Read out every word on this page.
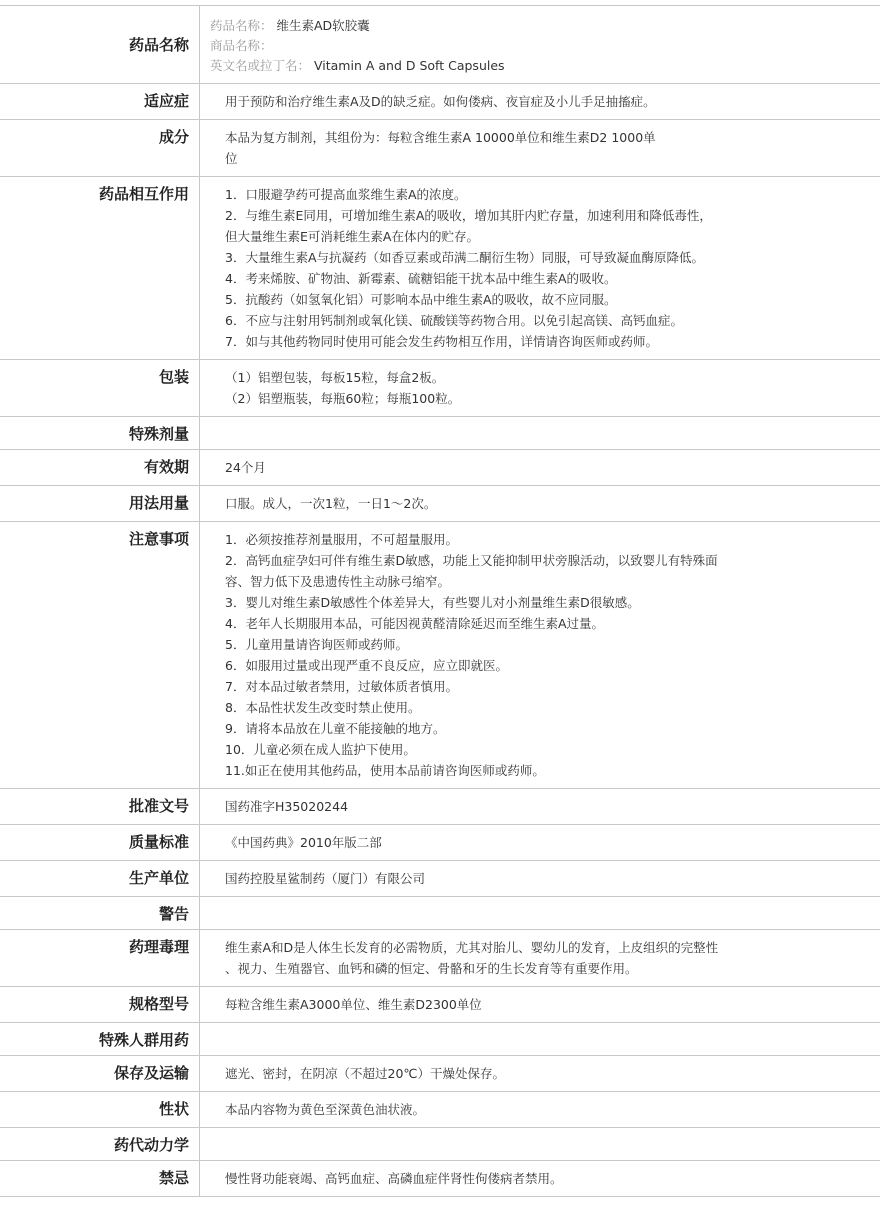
药品名称
药品名称： 维生素AD软胶囊
商品名称：
英文名或拉丁名： Vitamin A and D Soft Capsules
适应症	用于预防和治疗维生素A及D的缺乏症。如佝偻病、夜盲症及小儿手足抽搐症。
成分	本品为复方制剂，其组份为：每粒含维生素A 10000单位和维生素D2 1000单
位
药品相互作用	1．口服避孕药可提高血浆维生素A的浓度。
2．与维生素E同用，可增加维生素A的吸收，增加其肝内贮存量，加速利用和降低毒性，
但大量维生素E可消耗维生素A在体内的贮存。
3．大量维生素A与抗凝药（如香豆素或茚满二酮衍生物）同服，可导致凝血酶原降低。
4．考来烯胺、矿物油、新霉素、硫糖铝能干扰本品中维生素A的吸收。
5．抗酸药（如氢氧化铝）可影响本品中维生素A的吸收，故不应同服。
6．不应与注射用钙制剂或氧化镁、硫酸镁等药物合用。以免引起高镁、高钙血症。
7．如与其他药物同时使用可能会发生药物相互作用，详情请咨询医师或药师。
包装	（1）铝塑包装，每板15粒，每盒2板。
（2）铝塑瓶装，每瓶60粒；每瓶100粒。
特殊剂量
有效期	24个月
用法用量	口服。成人，一次1粒，一日1～2次。
注意事项	1．必须按推荐剂量服用，不可超量服用。
2．高钙血症孕妇可伴有维生素D敏感，功能上又能抑制甲状旁腺活动，以致婴儿有特殊面
容、智力低下及患遗传性主动脉弓缩窄。
3．婴儿对维生素D敏感性个体差异大，有些婴儿对小剂量维生素D很敏感。
4．老年人长期服用本品，可能因视黄醛清除延迟而至维生素A过量。
5．儿童用量请咨询医师或药师。
6．如服用过量或出现严重不良反应，应立即就医。
7．对本品过敏者禁用，过敏体质者慎用。
8．本品性状发生改变时禁止使用。
9．请将本品放在儿童不能接触的地方。
10．儿童必须在成人监护下使用。
11.如正在使用其他药品，使用本品前请咨询医师或药师。
批准文号	国药准字H35020244
质量标准	《中国药典》2010年版二部
生产单位	国药控股星鲨制药（厦门）有限公司
警告
药理毒理	维生素A和D是人体生长发育的必需物质，尤其对胎儿、婴幼儿的发育，上皮组织的完整性
、视力、生殖器官、血钙和磷的恒定、骨骼和牙的生长发育等有重要作用。
规格型号	每粒含维生素A3000单位、维生素D2300单位
特殊人群用药
保存及运输	遮光、密封，在阴凉（不超过20℃）干燥处保存。
性状	本品内容物为黄色至深黄色油状液。
药代动力学
禁忌	慢性肾功能衰竭、高钙血症、高磷血症伴肾性佝偻病者禁用。
